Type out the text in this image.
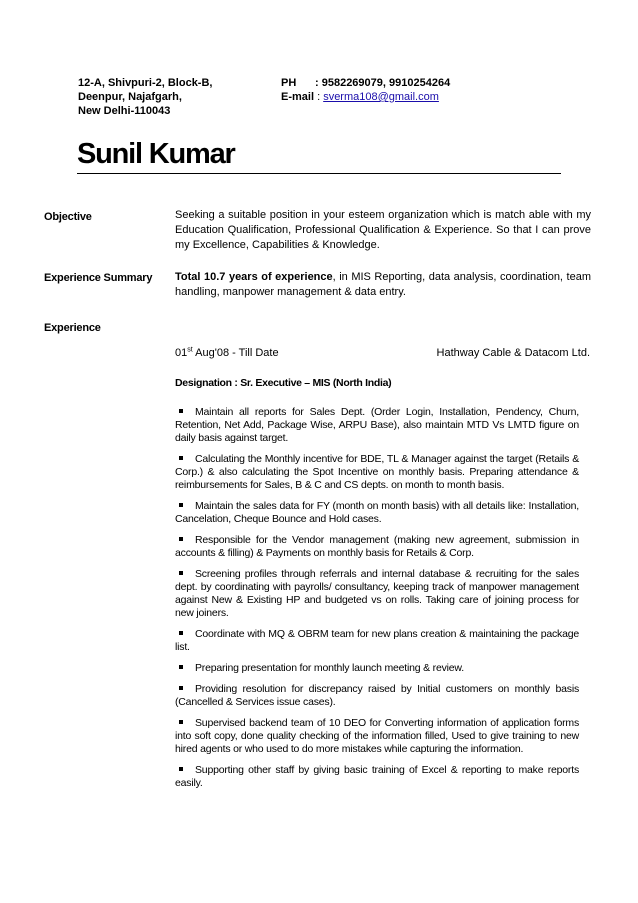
12-A, Shivpuri-2, Block-B,
Deenpur, Najafgarh,
New Delhi-110043
PH : 9582269079, 9910254264
E-mail : sverma108@gmail.com
Sunil Kumar
Objective	Seeking a suitable position in your esteem organization which is match able with my Education Qualification, Professional Qualification & Experience. So that I can prove my Excellence, Capabilities & Knowledge.
Experience Summary Total 10.7 years of experience, in MIS Reporting, data analysis, coordination, team handling, manpower management & data entry.
Experience
01st Aug'08 - Till Date	Hathway Cable & Datacom Ltd.
Designation : Sr. Executive – MIS (North India)
Maintain all reports for Sales Dept. (Order Login, Installation, Pendency, Churn, Retention, Net Add, Package Wise, ARPU Base), also maintain MTD Vs LMTD figure on daily basis against target.
Calculating the Monthly incentive for BDE, TL & Manager against the target (Retails & Corp.) & also calculating the Spot Incentive on monthly basis. Preparing attendance & reimbursements for Sales, B & C and CS depts. on month to month basis.
Maintain the sales data for FY (month on month basis) with all details like: Installation, Cancelation, Cheque Bounce and Hold cases.
Responsible for the Vendor management (making new agreement, submission in accounts & filling) & Payments on monthly basis for Retails & Corp.
Screening profiles through referrals and internal database & recruiting for the sales dept. by coordinating with payrolls/ consultancy, keeping track of manpower management against New & Existing HP and budgeted vs on rolls. Taking care of joining process for new joiners.
Coordinate with MQ & OBRM team for new plans creation & maintaining the package list.
Preparing presentation for monthly launch meeting & review.
Providing resolution for discrepancy raised by Initial customers on monthly basis (Cancelled & Services issue cases).
Supervised backend team of 10 DEO for Converting information of application forms into soft copy, done quality checking of the information filled, Used to give training to new hired agents or who used to do more mistakes while capturing the information.
Supporting other staff by giving basic training of Excel & reporting to make reports easily.
